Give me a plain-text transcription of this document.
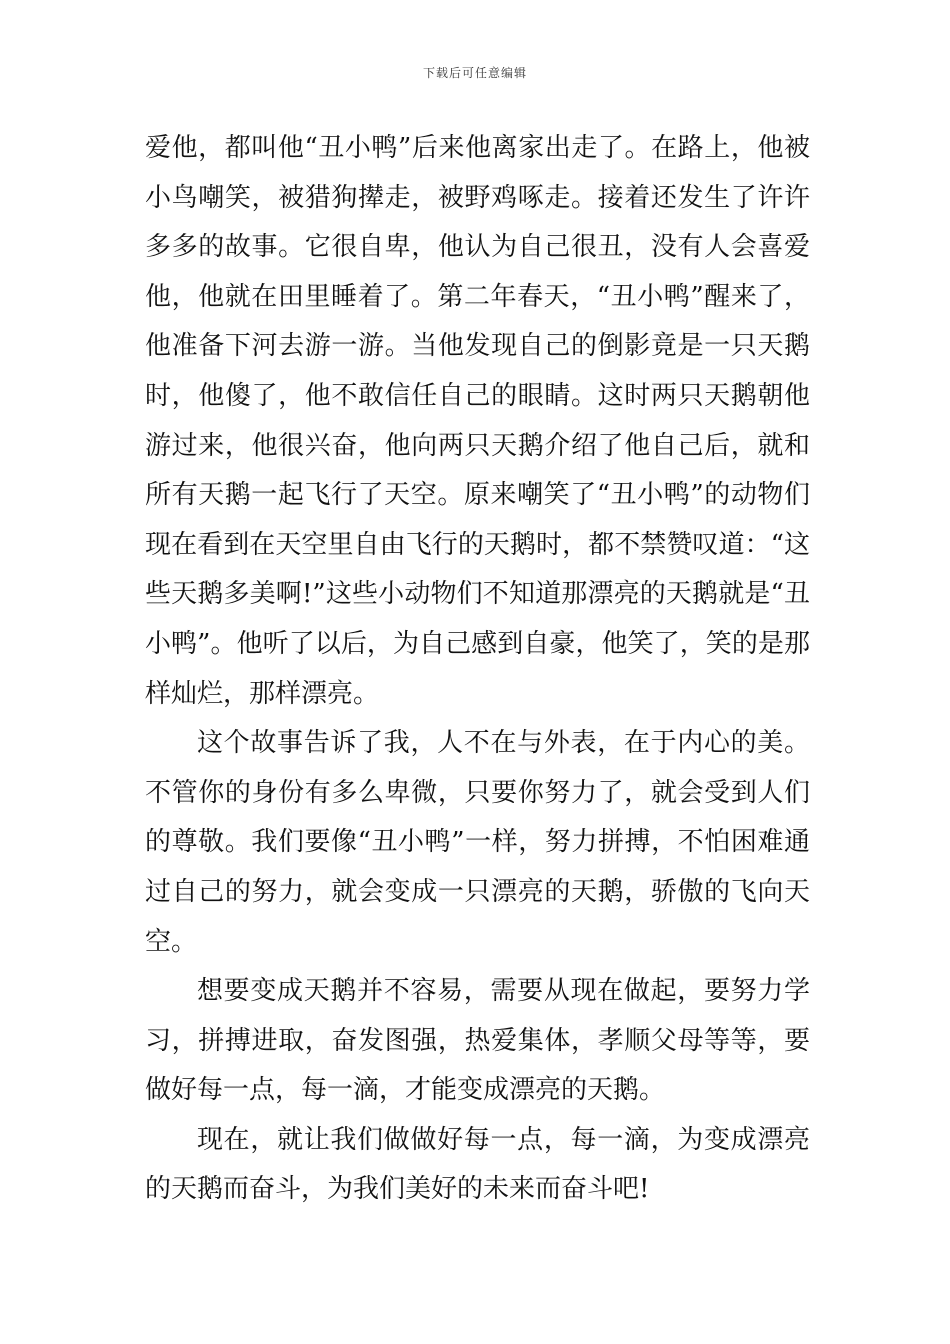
下载后可任意编辑

爱他，都叫他“丑小鸭”后来他离家出走了。在路上，他被小鸟嘲笑，被猎狗撵走，被野鸡啄走。接着还发生了许许多多的故事。它很自卑，他认为自己很丑，没有人会喜爱他，他就在田里睡着了。第二年春天，“丑小鸭”醒来了，他准备下河去游一游。当他发现自己的倒影竟是一只天鹅时，他傻了，他不敢信任自己的眼睛。这时两只天鹅朝他游过来，他很兴奋，他向两只天鹅介绍了他自己后，就和所有天鹅一起飞行了天空。原来嘲笑了“丑小鸭”的动物们现在看到在天空里自由飞行的天鹅时，都不禁赞叹道：“这些天鹅多美啊!”这些小动物们不知道那漂亮的天鹅就是“丑小鸭”。他听了以后，为自己感到自豪，他笑了，笑的是那样灿烂，那样漂亮。

这个故事告诉了我，人不在与外表，在于内心的美。不管你的身份有多么卑微，只要你努力了，就会受到人们的尊敬。我们要像“丑小鸭”一样，努力拼搏，不怕困难通过自己的努力，就会变成一只漂亮的天鹅，骄傲的飞向天空。

想要变成天鹅并不容易，需要从现在做起，要努力学习，拼搏进取，奋发图强，热爱集体，孝顺父母等等，要做好每一点，每一滴，才能变成漂亮的天鹅。

现在，就让我们做做好每一点，每一滴，为变成漂亮的天鹅而奋斗，为我们美好的未来而奋斗吧!
